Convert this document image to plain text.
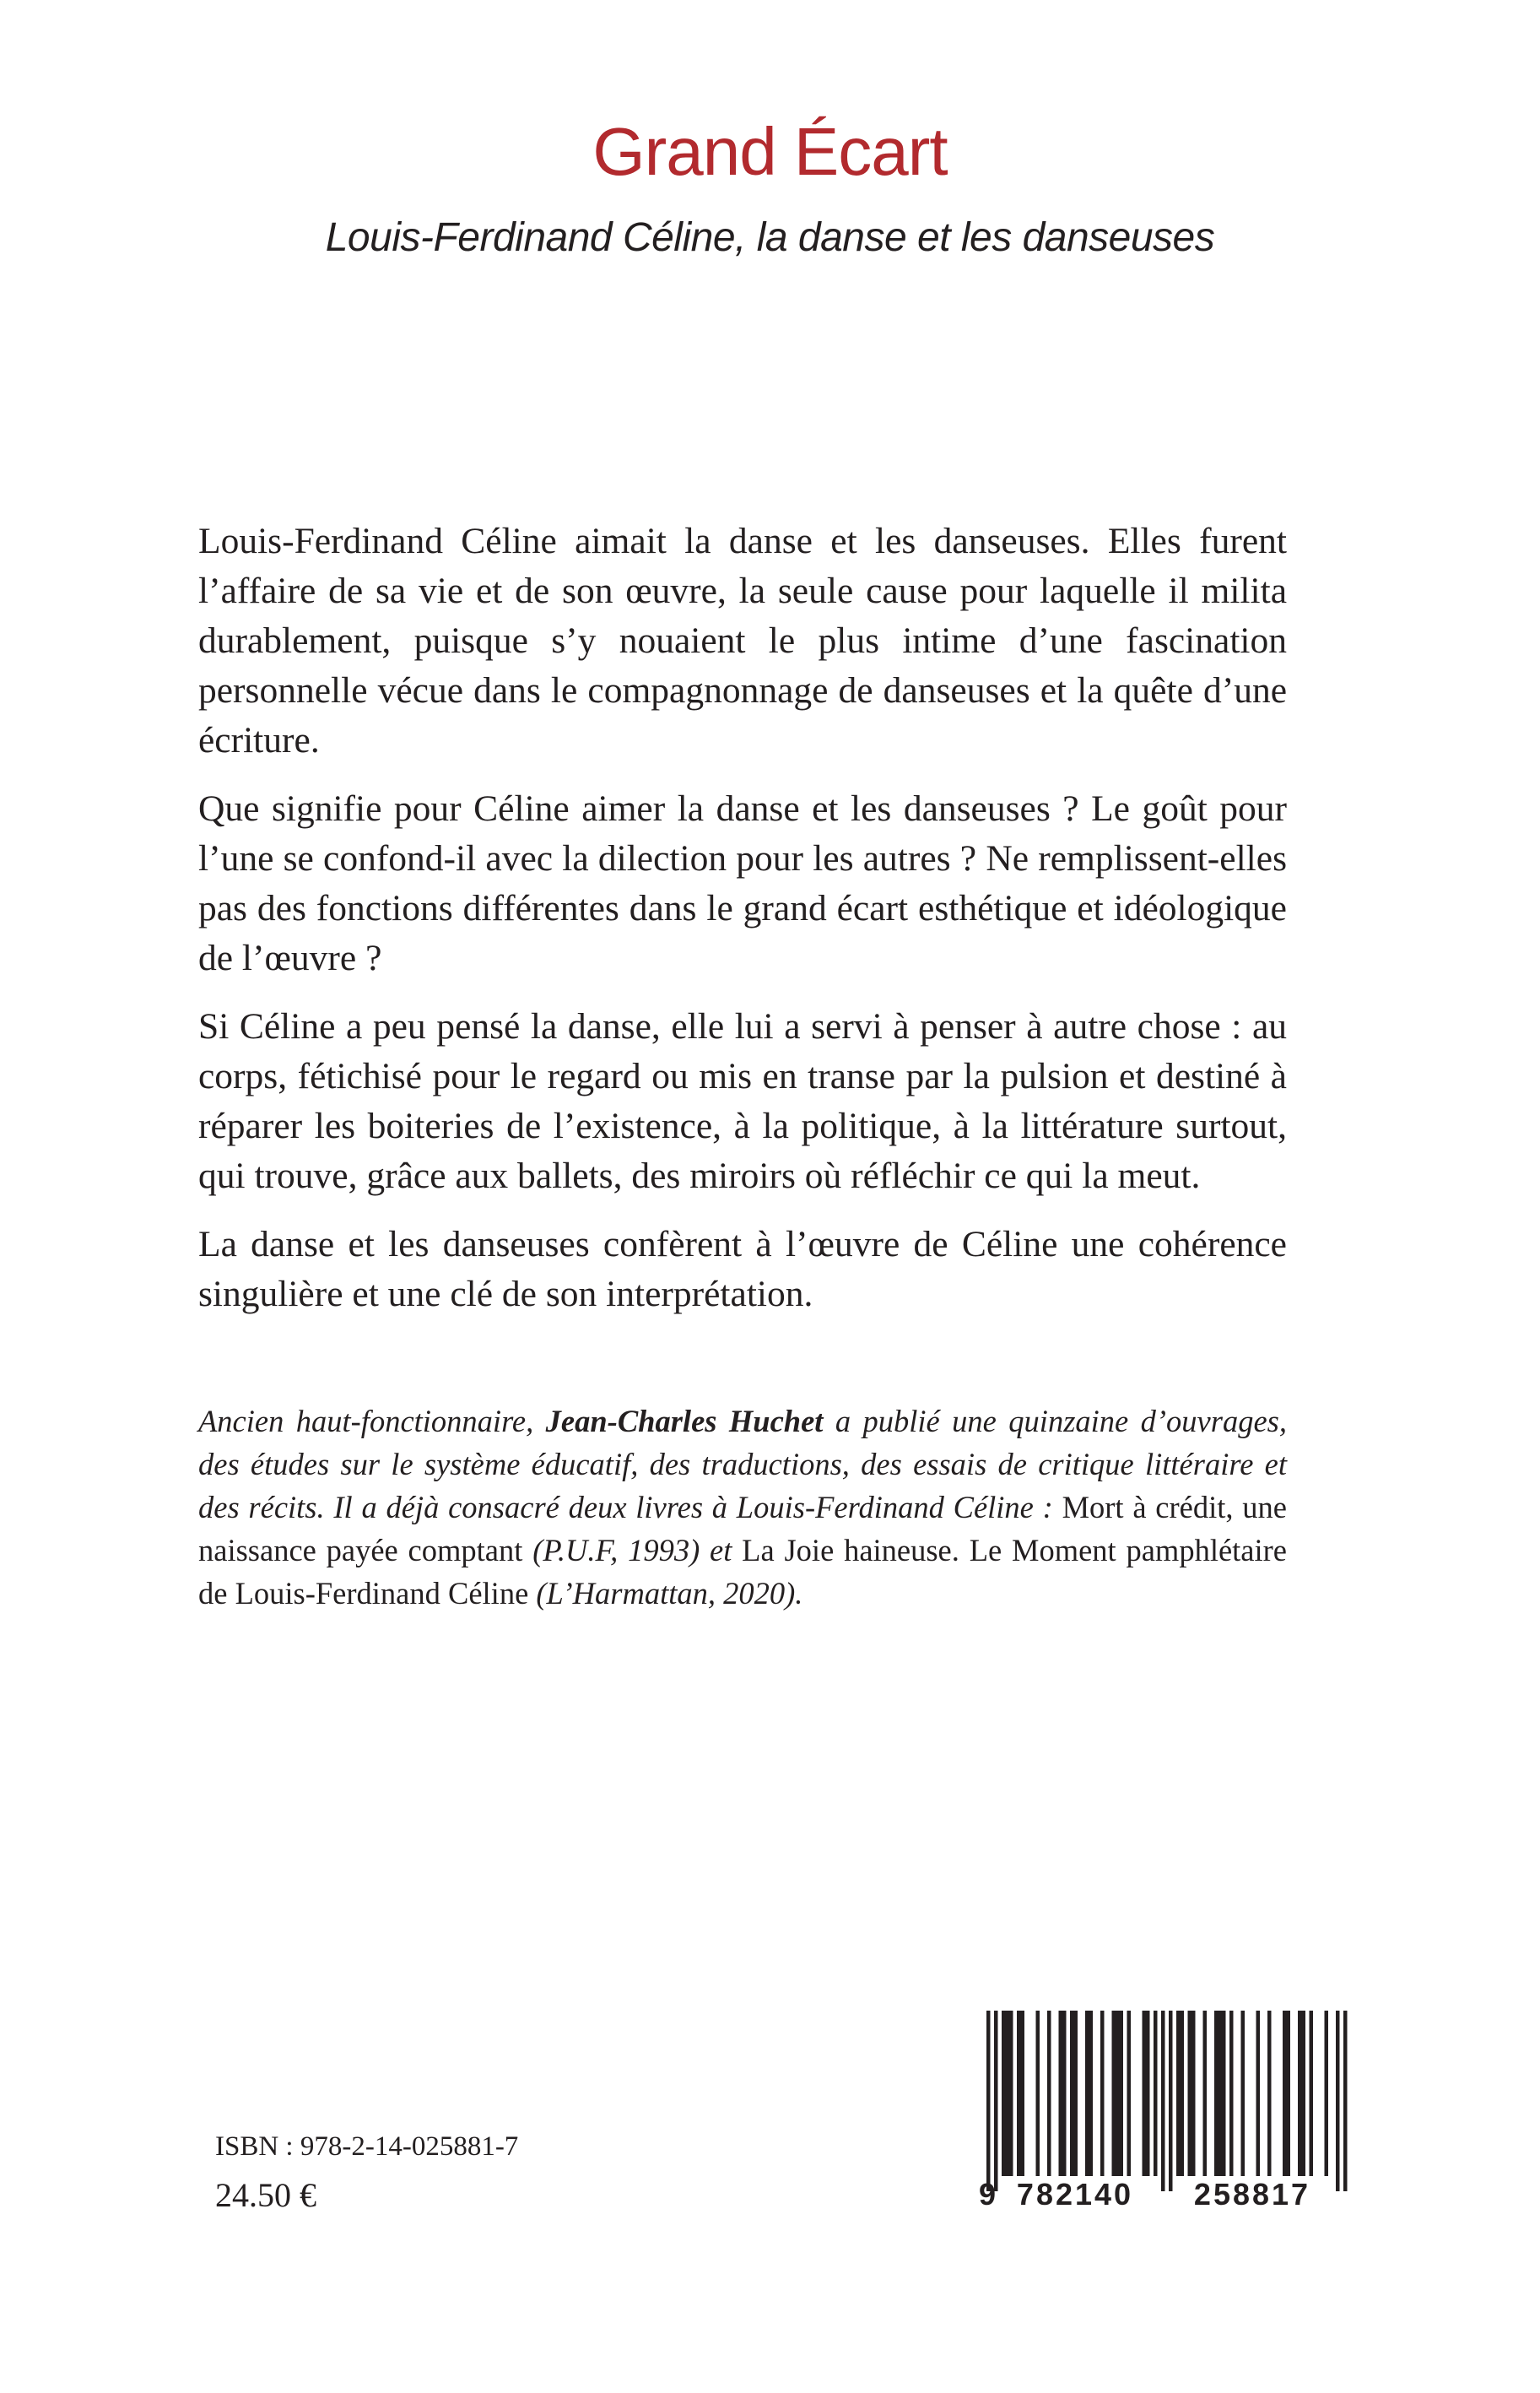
Grand Écart
Louis-Ferdinand Céline, la danse et les danseuses

Louis-Ferdinand Céline aimait la danse et les danseuses. Elles furent l’affaire de sa vie et de son œuvre, la seule cause pour laquelle il milita durablement, puisque s’y nouaient le plus intime d’une fascination personnelle vécue dans le compagnonnage de danseuses et la quête d’une écriture.

Que signifie pour Céline aimer la danse et les danseuses ? Le goût pour l’une se confond-il avec la dilection pour les autres ? Ne remplissent-elles pas des fonctions différentes dans le grand écart esthétique et idéologique de l’œuvre ?

Si Céline a peu pensé la danse, elle lui a servi à penser à autre chose : au corps, fétichisé pour le regard ou mis en transe par la pulsion et destiné à réparer les boiteries de l’existence, à la politique, à la littérature surtout, qui trouve, grâce aux ballets, des miroirs où réfléchir ce qui la meut.

La danse et les danseuses confèrent à l’œuvre de Céline une cohérence singulière et une clé de son interprétation.

Ancien haut-fonctionnaire, Jean-Charles Huchet a publié une quinzaine d’ouvrages, des études sur le système éducatif, des traductions, des essais de critique littéraire et des récits. Il a déjà consacré deux livres à Louis-Ferdinand Céline : Mort à crédit, une naissance payée comptant (P.U.F, 1993) et La Joie haineuse. Le Moment pamphlétaire de Louis-Ferdinand Céline (L’Harmattan, 2020).

ISBN : 978-2-14-025881-7
24.50 €	9 782140 258817
